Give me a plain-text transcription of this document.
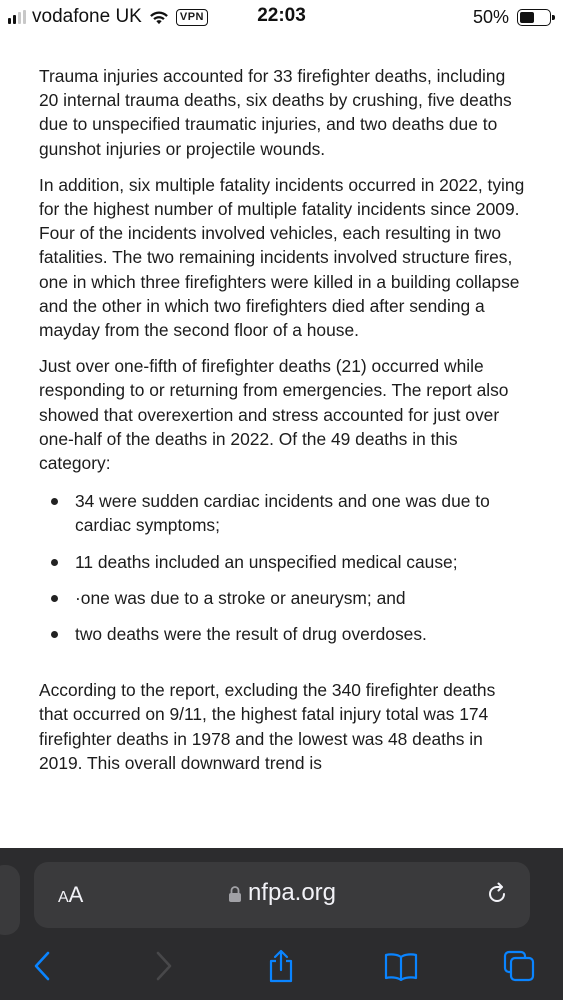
vodafone UK	VPN	22:03	50%

Trauma injuries accounted for 33 firefighter deaths, including 20 internal trauma deaths, six deaths by crushing, five deaths due to unspecified traumatic injuries, and two deaths due to gunshot injuries or projectile wounds.

In addition, six multiple fatality incidents occurred in 2022, tying for the highest number of multiple fatality incidents since 2009. Four of the incidents involved vehicles, each resulting in two fatalities. The two remaining incidents involved structure fires, one in which three firefighters were killed in a building collapse and the other in which two firefighters died after sending a mayday from the second floor of a house.

Just over one-fifth of firefighter deaths (21) occurred while responding to or returning from emergencies. The report also showed that overexertion and stress accounted for just over one-half of the deaths in 2022. Of the 49 deaths in this category:

34 were sudden cardiac incidents and one was due to cardiac symptoms;
11 deaths included an unspecified medical cause;
·one was due to a stroke or aneurysm; and
two deaths were the result of drug overdoses.

According to the report, excluding the 340 firefighter deaths that occurred on 9/11, the highest fatal injury total was 174 firefighter deaths in 1978 and the lowest was 48 deaths in 2019. This overall downward trend is

AA	nfpa.org
